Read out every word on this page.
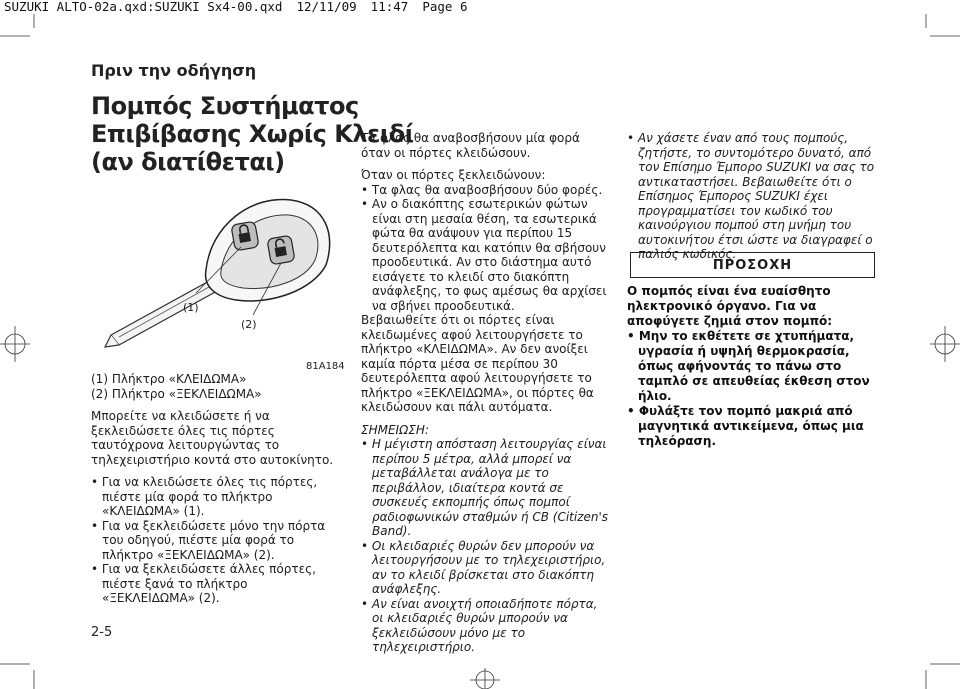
SUZUKI ALTO-02a.qxd:SUZUKI Sx4-00.qxd 12/11/09 11:47 Page 6
Πριν την οδήγηση
Πομπός Συστήματος
Επιβίβασης Χωρίς Κλειδί
(αν διατίθεται)
(1)
(2)
81A184

(1) Πλήκτρο «ΚΛΕΙΔΩΜΑ»

(2) Πλήκτρο «ΞΕΚΛΕΙΔΩΜΑ»

Μπορείτε να κλειδώσετε ή να ξεκλειδώσετε όλες τις πόρτες ταυτόχρονα λειτουργώντας το τηλεχειριστήριο κοντά στο αυτοκίνητο.

• Για να κλειδώσετε όλες τις πόρτες, πιέστε μία φορά το πλήκτρο «ΚΛΕΙΔΩΜΑ» (1).

• Για να ξεκλειδώσετε μόνο την πόρτα του οδηγού, πιέστε μία φορά το πλήκτρο «ΞΕΚΛΕΙΔΩΜΑ» (2).

• Για να ξεκλειδώσετε άλλες πόρτες, πιέστε ξανά το πλήκτρο «ΞΕΚΛΕΙΔΩΜΑ» (2).

Τα φλας θα αναβοσβήσουν μία φορά όταν οι πόρτες κλειδώσουν.

Όταν οι πόρτες ξεκλειδώνουν:

• Τα φλας θα αναβοσβήσουν δύο φορές.

• Αν ο διακόπτης εσωτερικών φώτων είναι στη μεσαία θέση, τα εσωτερικά φώτα θα ανάψουν για περίπου 15 δευτερόλεπτα και κατόπιν θα σβήσουν προοδευτικά. Αν στο διάστημα αυτό εισάγετε το κλειδί στο διακόπτη ανάφλεξης, το φως αμέσως θα αρχίσει να σβήνει προοδευτικά.

Βεβαιωθείτε ότι οι πόρτες είναι κλειδωμένες αφού λειτουργήσετε το πλήκτρο «ΚΛΕΙΔΩΜΑ». Αν δεν ανοίξει καμία πόρτα μέσα σε περίπου 30 δευτερόλεπτα αφού λειτουργήσετε το πλήκτρο «ΞΕΚΛΕΙΔΩΜΑ», οι πόρτες θα κλειδώσουν και πάλι αυτόματα.

ΣΗΜΕΙΩΣΗ:

• Η μέγιστη απόσταση λειτουργίας είναι περίπου 5 μέτρα, αλλά μπορεί να μεταβάλλεται ανάλογα με το περιβάλλον, ιδιαίτερα κοντά σε συσκευές εκπομπής όπως πομποί ραδιοφωνικών σταθμών ή CB (Citizen's Band).

• Οι κλειδαριές θυρών δεν μπορούν να λειτουργήσουν με το τηλεχειριστήριο, αν το κλειδί βρίσκεται στο διακόπτη ανάφλεξης.

• Αν είναι ανοιχτή οποιαδήποτε πόρτα, οι κλειδαριές θυρών μπορούν να ξεκλειδώσουν μόνο με το τηλεχειριστήριο.

• Αν χάσετε έναν από τους πομπούς, ζητήστε, το συντομότερο δυνατό, από τον Επίσημο Έμπορο SUZUKI να σας το αντικαταστήσει. Βεβαιωθείτε ότι ο Επίσημος Έμπορος SUZUKI έχει προγραμματίσει τον κωδικό του καινούργιου πομπού στη μνήμη του αυτοκινήτου έτσι ώστε να διαγραφεί ο παλιός κωδικός.

ΠΡΟΣΟΧΗ

Ο πομπός είναι ένα ευαίσθητο ηλεκτρονικό όργανο. Για να αποφύγετε ζημιά στον πομπό:

• Μην το εκθέτετε σε χτυπήματα, υγρασία ή υψηλή θερμοκρασία, όπως αφήνοντάς το πάνω στο ταμπλό σε απευθείας έκθεση στον ήλιο.

• Φυλάξτε τον πομπό μακριά από μαγνητικά αντικείμενα, όπως μια τηλεόραση.

2-5
